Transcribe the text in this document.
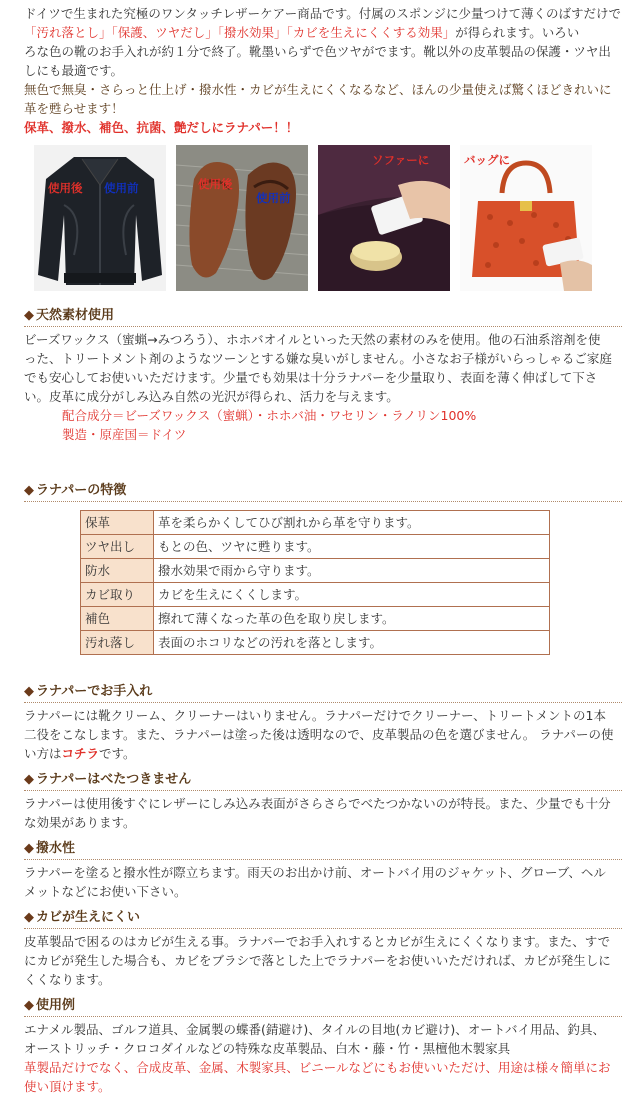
ドイツで生まれた究極のワンタッチレザーケアー商品です。付属のスポンジに少量つけて薄くのばすだけで

「汚れ落とし」「保護、ツヤだし」「撥水効果」「カビを生えにくくする効果」が得られます。いろい

ろな色の靴のお手入れが約１分で終了。靴墨いらずで色ツヤがでます。靴以外の皮革製品の保護・ツヤ出

しにも最適です。

無色で無臭・さらっと仕上げ・撥水性・カビが生えにくくなるなど、ほんの少量使えば驚くほどきれいに

革を甦らせます！

保革、撥水、補色、抗菌、艶だしにラナパー！！

使用後 使用前	使用後
使用前
ソファーに	バッグに
◆ 天然素材使用
ビーズワックス（蜜蝋→みつろう）、ホホバオイルといった天然の素材のみを使用。他の石油系溶剤を使
った、トリートメント剤のようなツーンとする嫌な臭いがしません。小さなお子様がいらっしゃるご家庭
でも安心してお使いいただけます。少量でも効果は十分ラナパーを少量取り、表面を薄く伸ばして下さ
い。皮革に成分がしみ込み自然の光沢が得られ、活力を与えます。
配合成分＝ビーズワックス（蜜蝋）・ホホバ油・ワセリン・ラノリン100%
製造・原産国＝ドイツ
◆ ラナパーの特徴
保革	革を柔らかくしてひび割れから革を守ります。
ツヤ出し	もとの色、ツヤに甦ります。
防水	撥水効果で雨から守ります。
カビ取り	カビを生えにくくします。
補色	擦れて薄くなった革の色を取り戻します。
汚れ落し	表面のホコリなどの汚れを落とします。
◆ ラナパーでお手入れ
ラナパーには靴クリーム、クリーナーはいりません。ラナパーだけでクリーナー、トリートメントの1本
二役をこなします。また、ラナパーは塗った後は透明なので、皮革製品の色を選びません。 ラナパーの使
い方はコチラです。
◆ ラナパーはべたつきません
ラナパーは使用後すぐにレザーにしみ込み表面がさらさらでべたつかないのが特長。また、少量でも十分
な効果があります。
◆ 撥水性
ラナパーを塗ると撥水性が際立ちます。雨天のお出かけ前、オートバイ用のジャケット、グローブ、ヘル
メットなどにお使い下さい。
◆ カビが生えにくい
皮革製品で困るのはカビが生える事。ラナパーでお手入れするとカビが生えにくくなります。また、すで
にカビが発生した場合も、カビをブラシで落とした上でラナパーをお使いいただければ、カビが発生しに
くくなります。
◆ 使用例
エナメル製品、ゴルフ道具、金属製の蝶番(錆避け)、タイルの目地(カビ避け)、オートバイ用品、釣具、
オーストリッチ・クロコダイルなどの特殊な皮革製品、白木・藤・竹・黒檀他木製家具
革製品だけでなく、合成皮革、金属、木製家具、ビニールなどにもお使いいただけ、用途は様々簡単にお
使い頂けます。
